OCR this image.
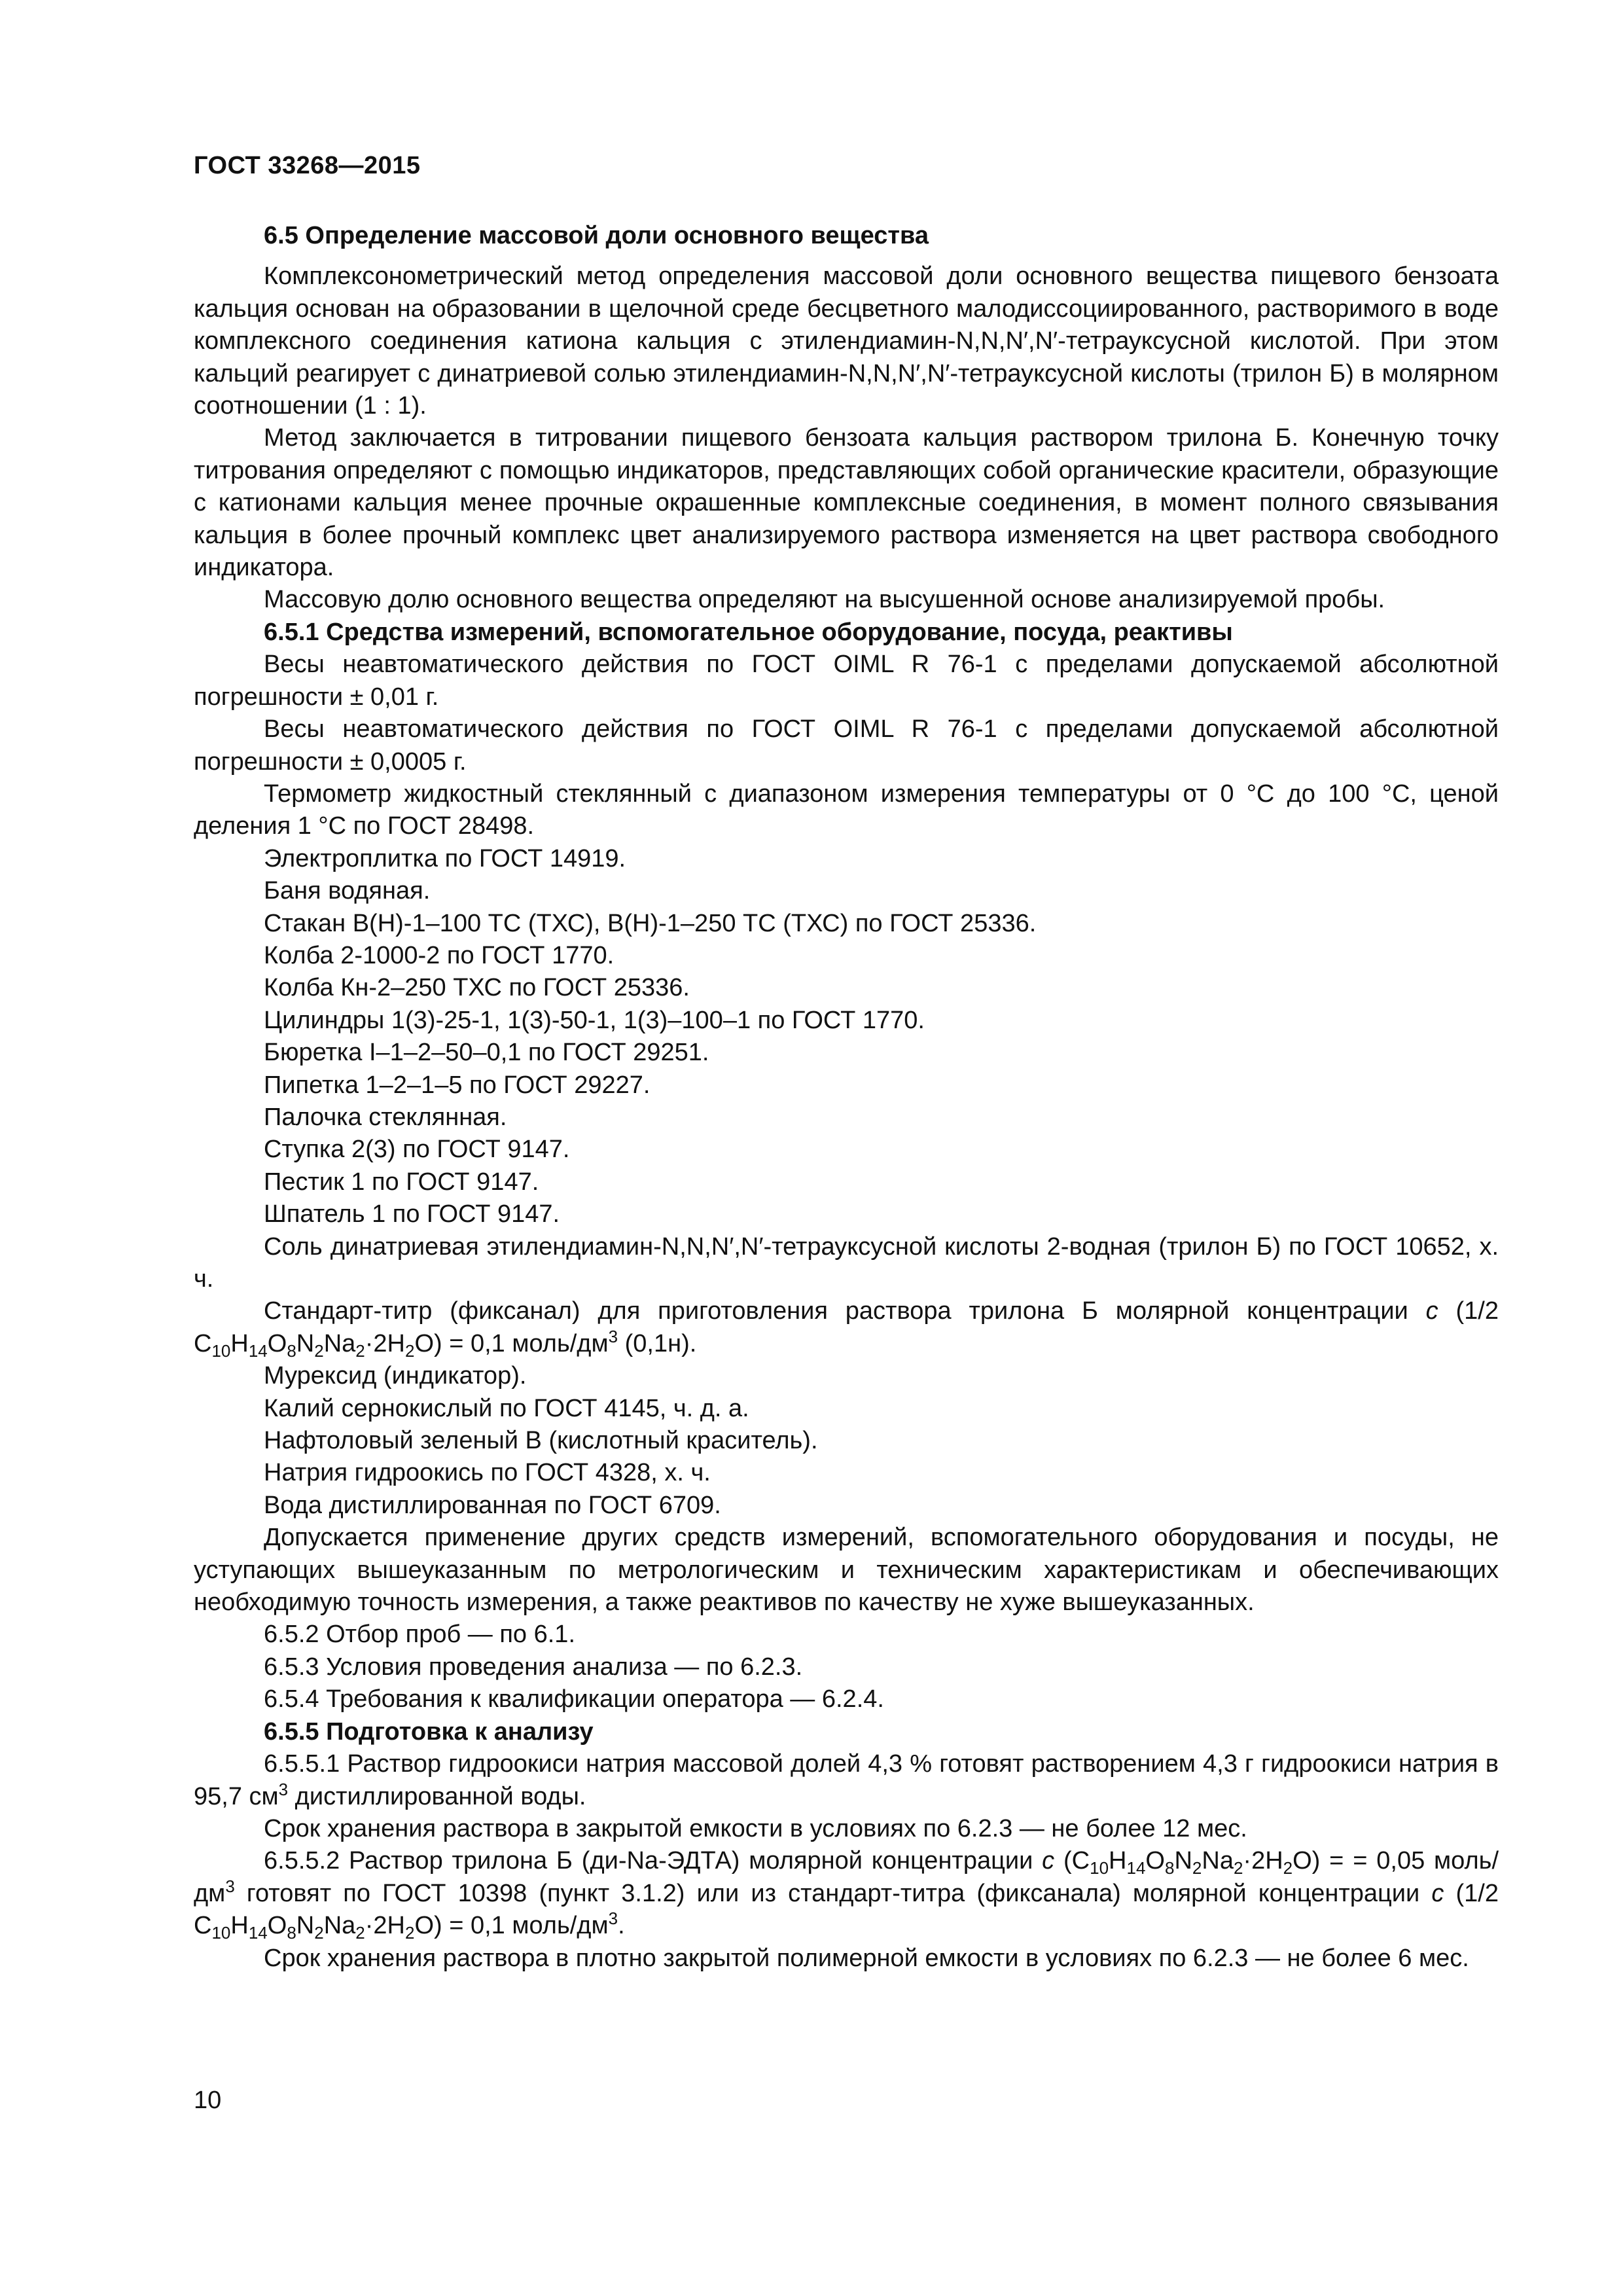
ГОСТ 33268—2015

6.5 Определение массовой доли основного вещества

Комплексонометрический метод определения массовой доли основного вещества пищевого бензоата кальция основан на образовании в щелочной среде бесцветного малодиссоциированного, растворимого в воде комплексного соединения катиона кальция с этилендиамин-N,N,N′,N′-тетрауксусной кислотой. При этом кальций реагирует с динатриевой солью этилендиамин-N,N,N′,N′-тетрауксусной кислоты (трилон Б) в молярном соотношении (1 : 1).

Метод заключается в титровании пищевого бензоата кальция раствором трилона Б. Конечную точку титрования определяют с помощью индикаторов, представляющих собой органические красители, образующие с катионами кальция менее прочные окрашенные комплексные соединения, в момент полного связывания кальция в более прочный комплекс цвет анализируемого раствора изменяется на цвет раствора свободного индикатора.

Массовую долю основного вещества определяют на высушенной основе анализируемой пробы.

6.5.1 Средства измерений, вспомогательное оборудование, посуда, реактивы

Весы неавтоматического действия по ГОСТ OIML R 76-1 с пределами допускаемой абсолютной погрешности ± 0,01 г.

Весы неавтоматического действия по ГОСТ OIML R 76-1 с пределами допускаемой абсолютной погрешности ± 0,0005 г.

Термометр жидкостный стеклянный с диапазоном измерения температуры от 0 °С до 100 °С, ценой деления 1 °С по ГОСТ 28498.

Электроплитка по ГОСТ 14919.

Баня водяная.

Стакан В(Н)-1–100 ТС (ТХС), В(Н)-1–250 ТС (ТХС) по ГОСТ 25336.

Колба 2-1000-2 по ГОСТ 1770.

Колба Кн-2–250 ТХС по ГОСТ 25336.

Цилиндры 1(3)-25-1, 1(3)-50-1, 1(3)–100–1 по ГОСТ 1770.

Бюретка I–1–2–50–0,1 по ГОСТ 29251.

Пипетка 1–2–1–5 по ГОСТ 29227.

Палочка стеклянная.

Ступка 2(3) по ГОСТ 9147.

Пестик 1 по ГОСТ 9147.

Шпатель 1 по ГОСТ 9147.

Соль динатриевая этилендиамин-N,N,N′,N′-тетрауксусной кислоты 2-водная (трилон Б) по ГОСТ 10652, х. ч.

Стандарт-титр (фиксанал) для приготовления раствора трилона Б молярной концентрации с (1/2 $C_{10}H_{14}O_8N_2Na_2\cdot 2H_2O) = 0,1$ моль/$дм^3$ (0,1н).

Мурексид (индикатор).

Калий сернокислый по ГОСТ 4145, ч. д. а.

Нафтоловый зеленый В (кислотный краситель).

Натрия гидроокись по ГОСТ 4328, х. ч.

Вода дистиллированная по ГОСТ 6709.

Допускается применение других средств измерений, вспомогательного оборудования и посуды, не уступающих вышеуказанным по метрологическим и техническим характеристикам и обеспечивающих необходимую точность измерения, а также реактивов по качеству не хуже вышеуказанных.

6.5.2 Отбор проб — по 6.1.

6.5.3 Условия проведения анализа — по 6.2.3.

6.5.4 Требования к квалификации оператора — 6.2.4.

6.5.5 Подготовка к анализу

6.5.5.1 Раствор гидроокиси натрия массовой долей 4,3 % готовят растворением 4,3 г гидроокиси натрия в 95,7 $см^3$ дистиллированной воды.

Срок хранения раствора в закрытой емкости в условиях по 6.2.3 — не более 12 мес.

6.5.5.2 Раствор трилона Б (ди-Na-ЭДТА) молярной концентрации с $(C_{10}H_{14}O_8N_2Na_2\cdot 2H_2O)$ = = 0,05 моль/$дм^3$ готовят по ГОСТ 10398 (пункт 3.1.2) или из стандарт-титра (фиксанала) молярной концентрации с (1/2 $C_{10}H_{14}O_8N_2Na_2\cdot 2H_2O) = 0,1$ моль/$дм^3$.

Срок хранения раствора в плотно закрытой полимерной емкости в условиях по 6.2.3 — не более 6 мес.

10
